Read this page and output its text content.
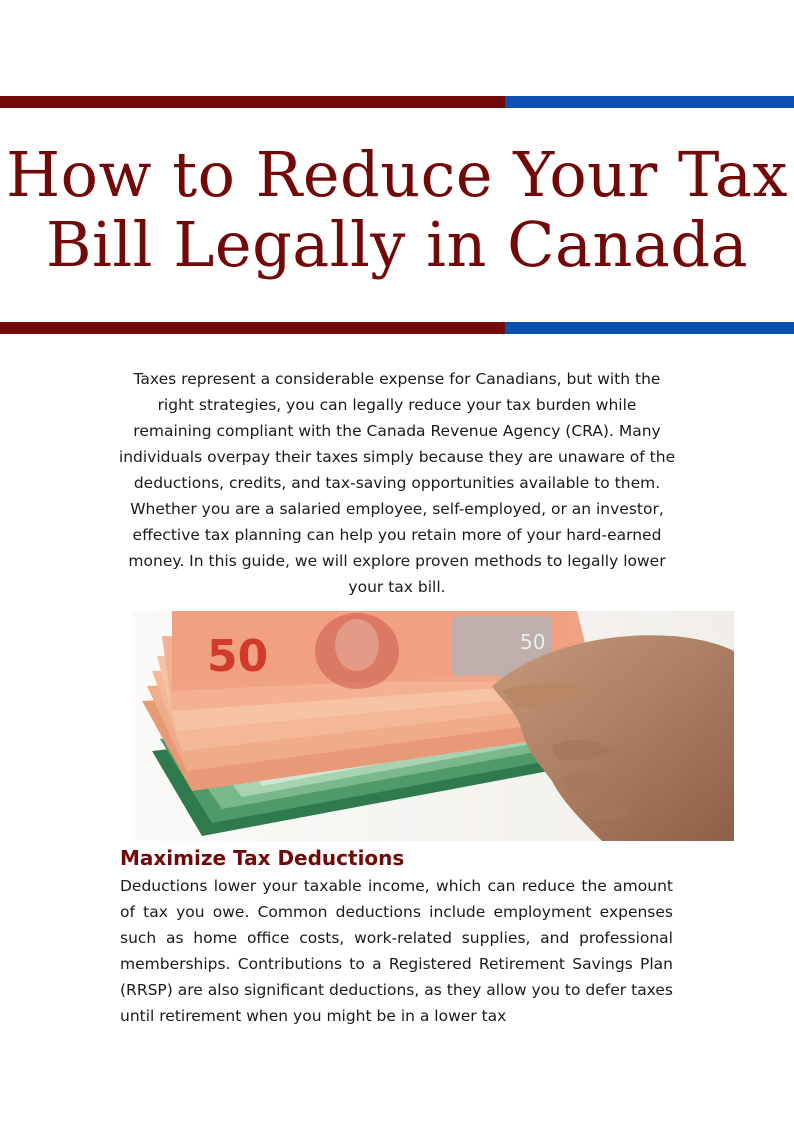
How to Reduce Your Tax
Bill Legally in Canada

Taxes represent a considerable expense for Canadians, but with the right strategies, you can legally reduce your tax burden while remaining compliant with the Canada Revenue Agency (CRA). Many individuals overpay their taxes simply because they are unaware of the deductions, credits, and tax-saving opportunities available to them. Whether you are a salaried employee, self-employed, or an investor, effective tax planning can help you retain more of your hard-earned money. In this guide, we will explore proven methods to legally lower your tax bill.

50	50
Maximize Tax Deductions

Deductions lower your taxable income, which can reduce the amount of tax you owe. Common deductions include employment expenses such as home office costs, work-related supplies, and professional memberships. Contributions to a Registered Retirement Savings Plan (RRSP) are also significant deductions, as they allow you to defer taxes until retirement when you might be in a lower tax
